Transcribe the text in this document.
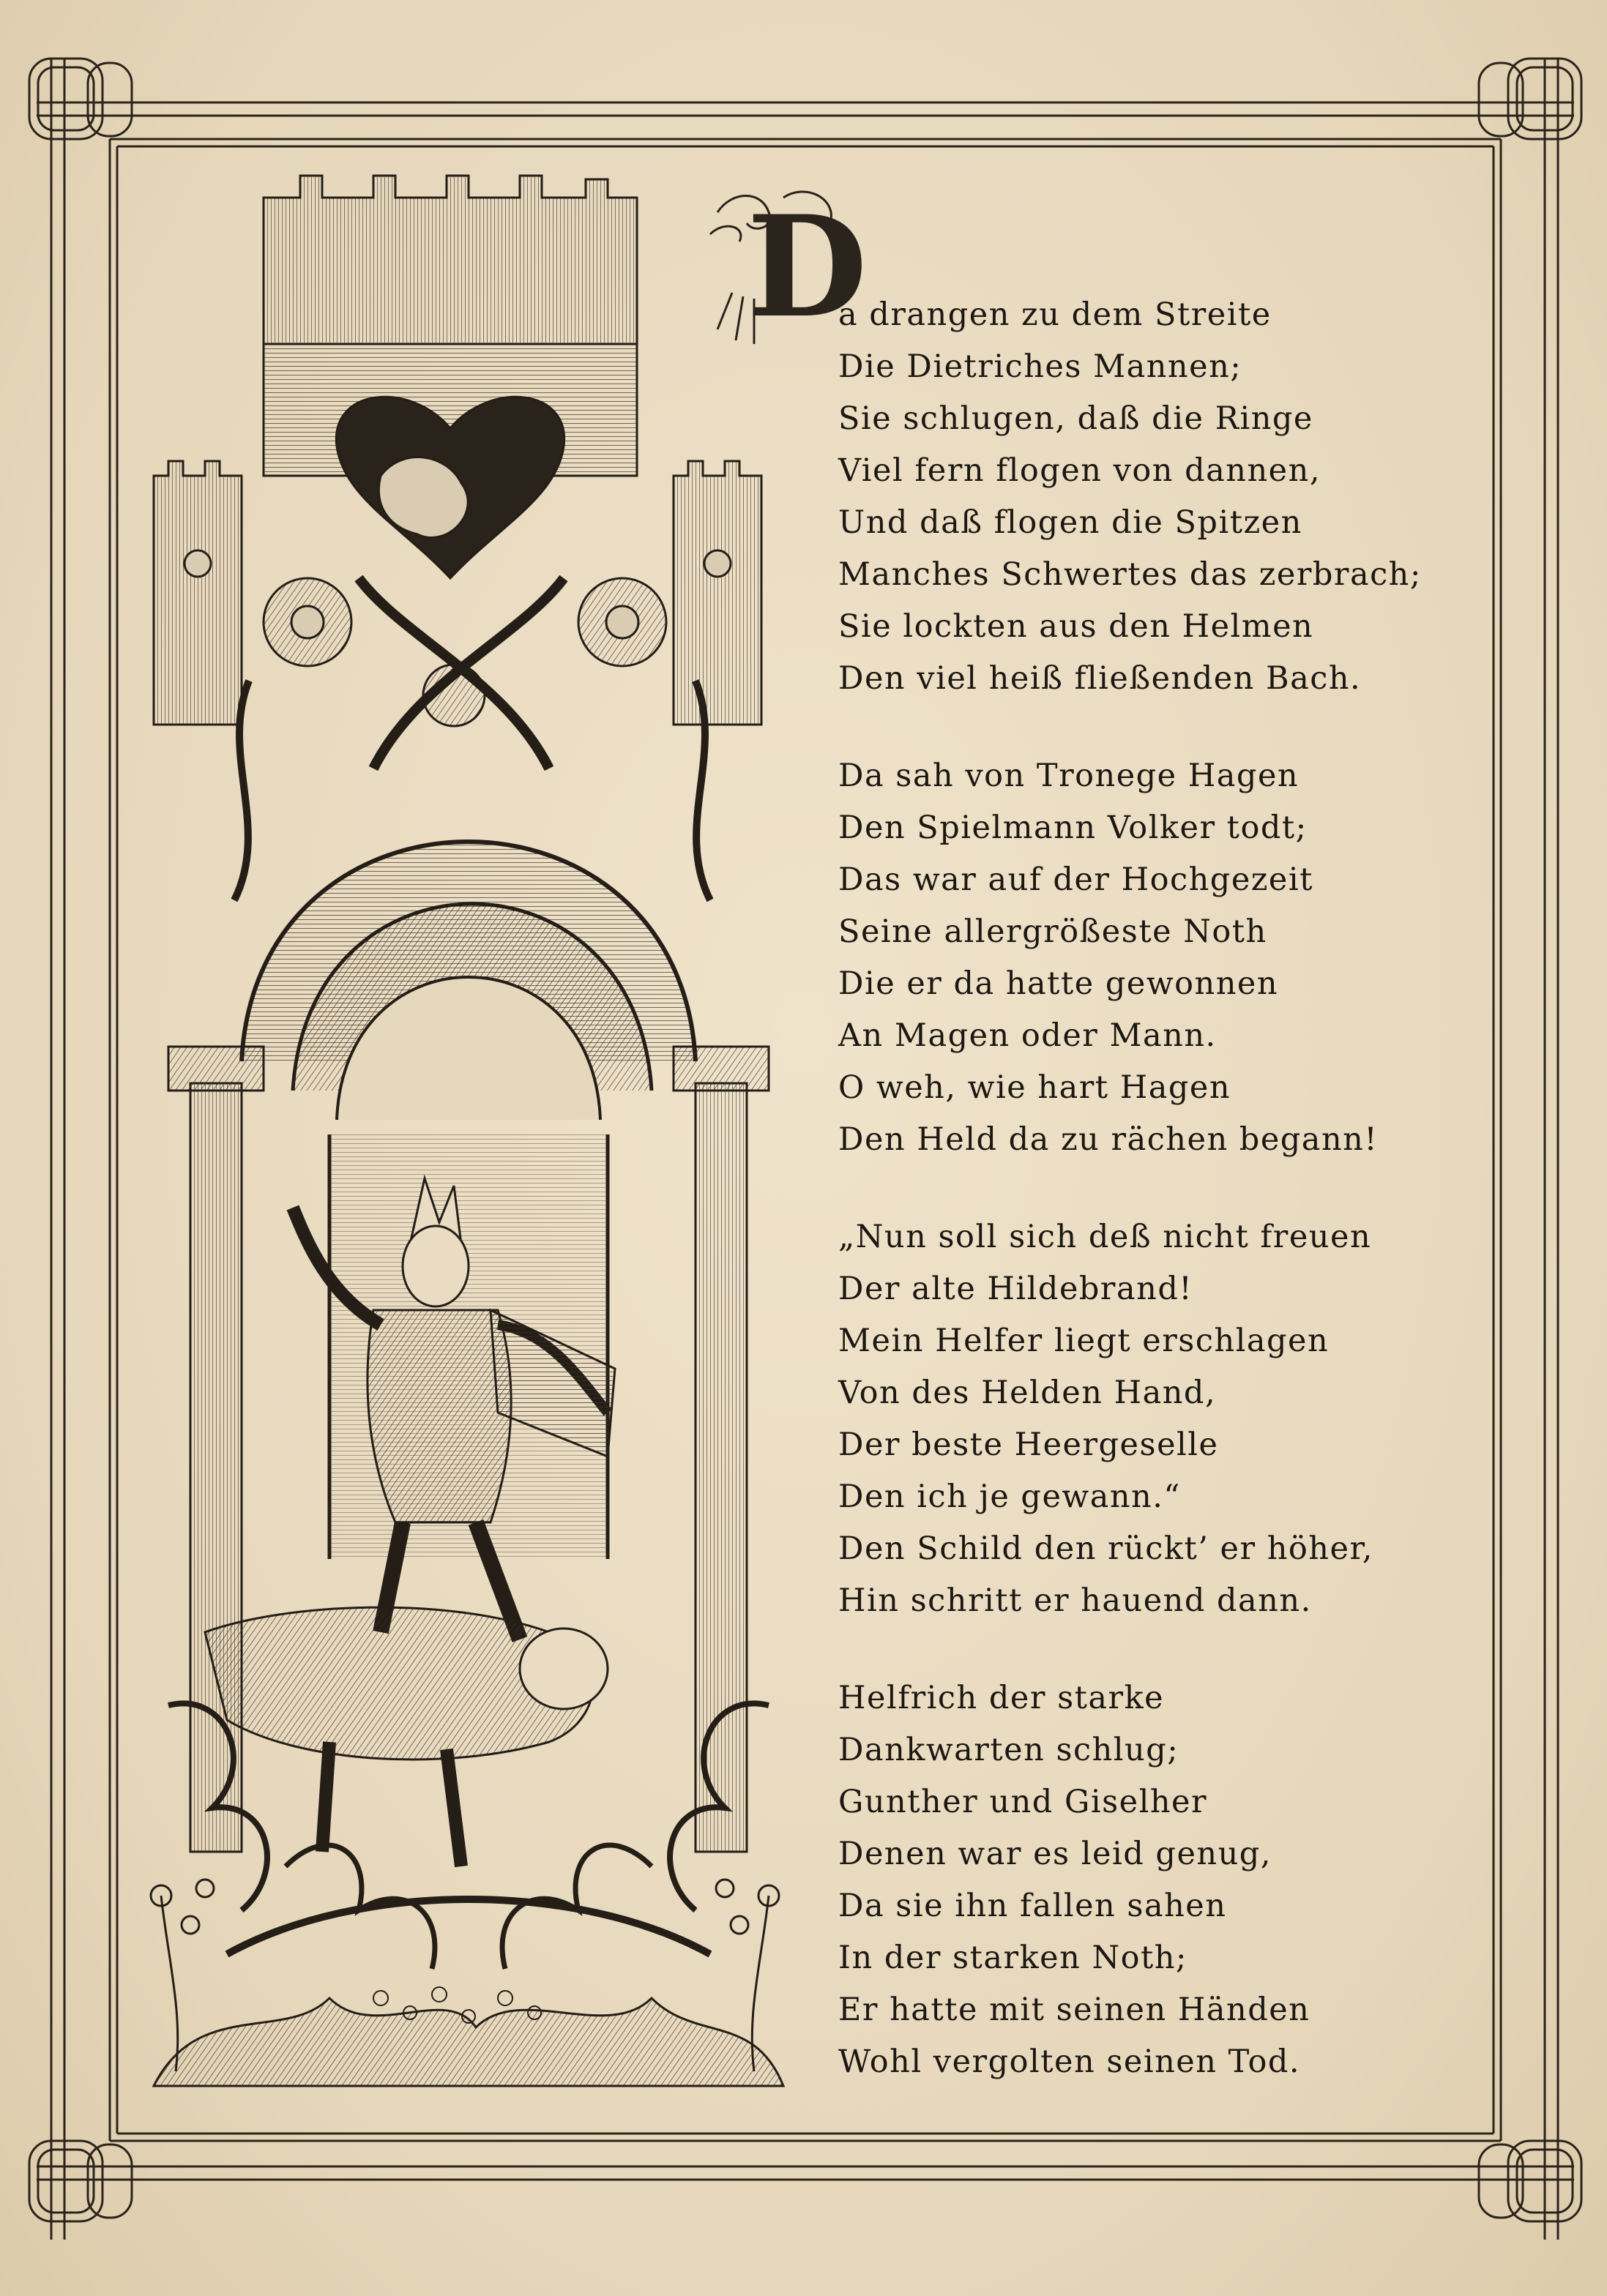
D
a drangen zu dem Streite
Die Dietriches Mannen;
Sie schlugen, daß die Ringe
Viel fern flogen von dannen,
Und daß flogen die Spitzen
Manches Schwertes das zerbrach;
Sie lockten aus den Helmen
Den viel heiß fließenden Bach.
Da sah von Tronege Hagen
Den Spielmann Volker todt;
Das war auf der Hochgezeit
Seine allergrößeste Noth
Die er da hatte gewonnen
An Magen oder Mann.
O weh, wie hart Hagen
Den Held da zu rächen begann!
„Nun soll sich deß nicht freuen
Der alte Hildebrand!
Mein Helfer liegt erschlagen
Von des Helden Hand,
Der beste Heergeselle
Den ich je gewann.“
Den Schild den rückt’ er höher,
Hin schritt er hauend dann.
Helfrich der starke
Dankwarten schlug;
Gunther und Giselher
Denen war es leid genug,
Da sie ihn fallen sahen
In der starken Noth;
Er hatte mit seinen Händen
Wohl vergolten seinen Tod.
